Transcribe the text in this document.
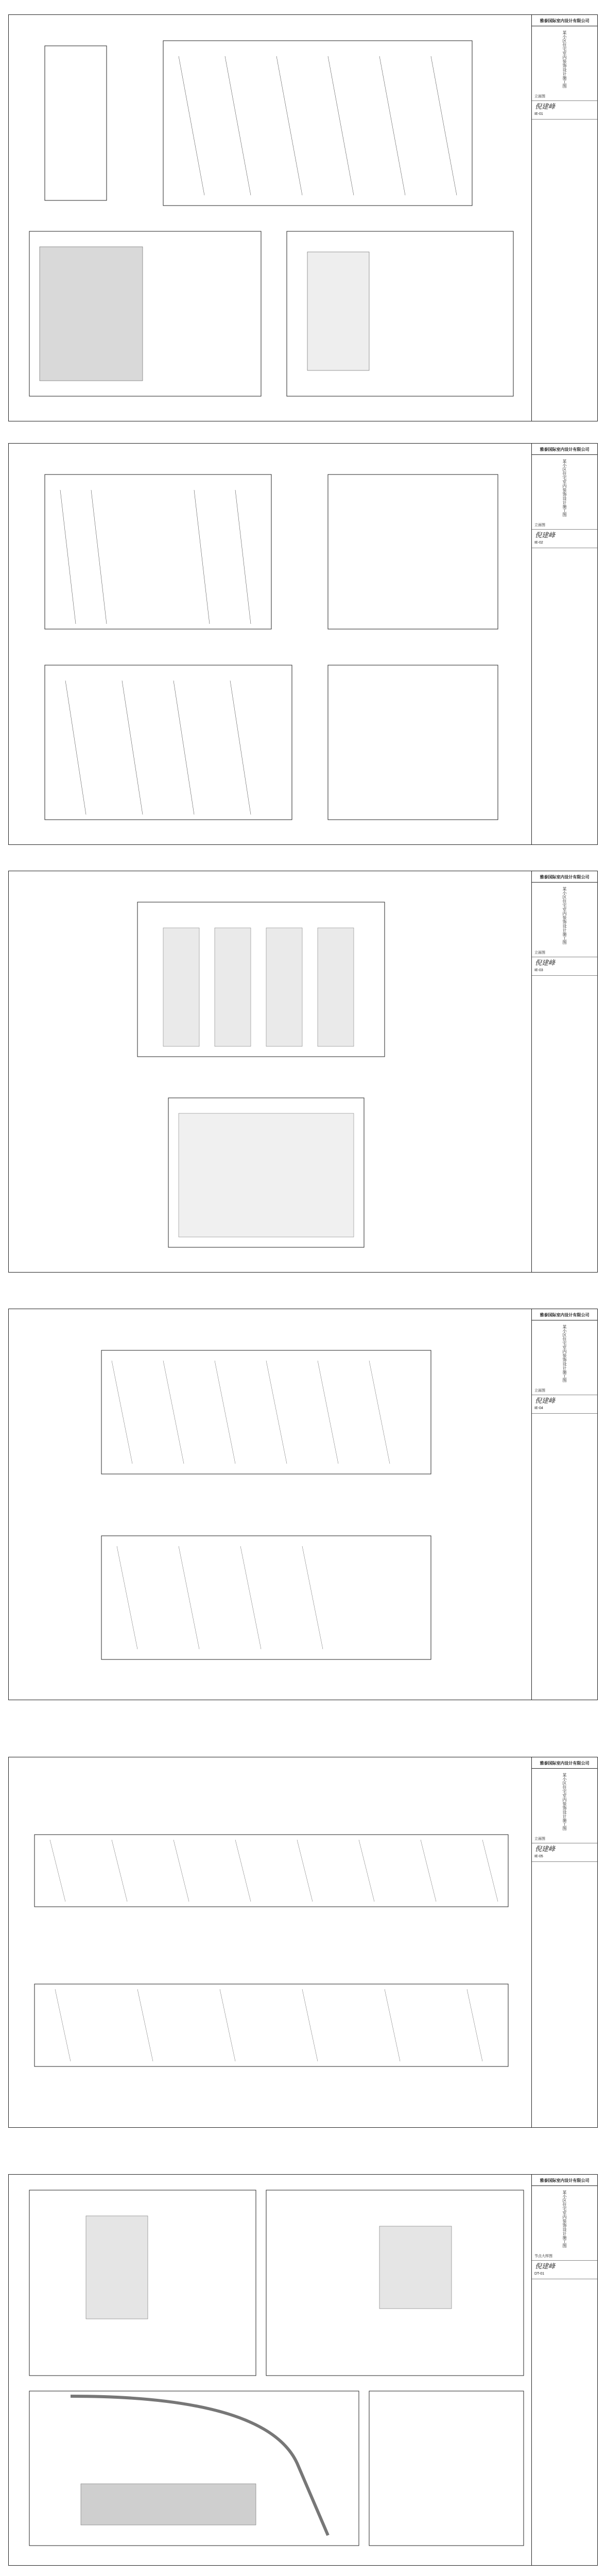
雅泰国际室内设计有限公司
某小区住宅室内装饰设计施工图
立面图
倪建峰
IE-01
雅泰国际室内设计有限公司
某小区住宅室内装饰设计施工图
立面图
倪建峰
IE-02
雅泰国际室内设计有限公司
某小区住宅室内装饰设计施工图
立面图
倪建峰
IE-03
雅泰国际室内设计有限公司
某小区住宅室内装饰设计施工图
立面图
倪建峰
IE-04
雅泰国际室内设计有限公司
某小区住宅室内装饰设计施工图
立面图
倪建峰
IE-05
雅泰国际室内设计有限公司
某小区住宅室内装饰设计施工图
节点大样图
倪建峰
DT-01
